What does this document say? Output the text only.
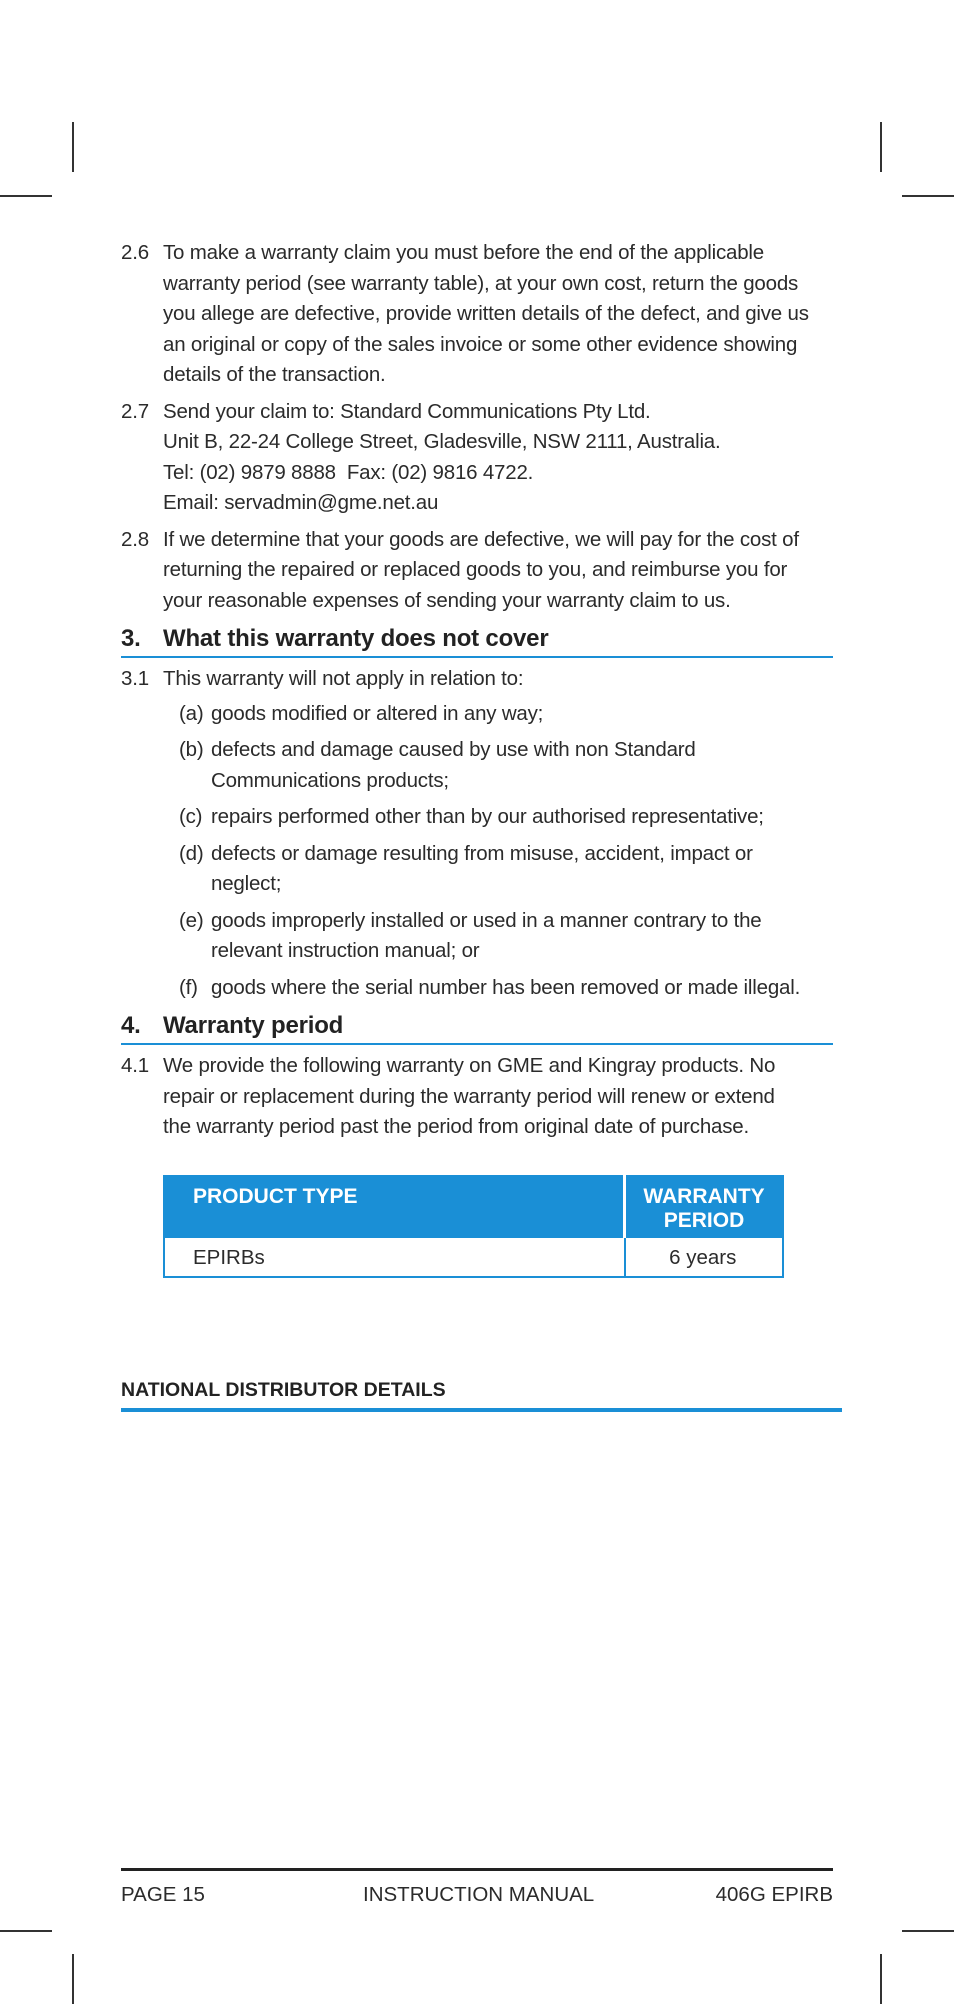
2.6 To make a warranty claim you must before the end of the applicable
warranty period (see warranty table), at your own cost, return the goods
you allege are defective, provide written details of the defect, and give us
an original or copy of the sales invoice or some other evidence showing
details of the transaction.
2.7 Send your claim to: Standard Communications Pty Ltd.
Unit B, 22-24 College Street, Gladesville, NSW 2111, Australia.
Tel: (02) 9879 8888  Fax: (02) 9816 4722.
Email: servadmin@gme.net.au
2.8 If we determine that your goods are defective, we will pay for the cost of
returning the repaired or replaced goods to you, and reimburse you for
your reasonable expenses of sending your warranty claim to us.
3. What this warranty does not cover
3.1 This warranty will not apply in relation to:
(a) goods modified or altered in any way;
(b) defects and damage caused by use with non Standard
Communications products;
(c) repairs performed other than by our authorised representative;
(d) defects or damage resulting from misuse, accident, impact or
neglect;
(e) goods improperly installed or used in a manner contrary to the
relevant instruction manual; or
(f) goods where the serial number has been removed or made illegal.
4. Warranty period
4.1 We provide the following warranty on GME and Kingray products. No
repair or replacement during the warranty period will renew or extend
the warranty period past the period from original date of purchase.
PRODUCT TYPE	WARRANTY
PERIOD

EPIRBs	6 years
NATIONAL DISTRIBUTOR DETAILS
PAGE 15	INSTRUCTION MANUAL	406G EPIRB
